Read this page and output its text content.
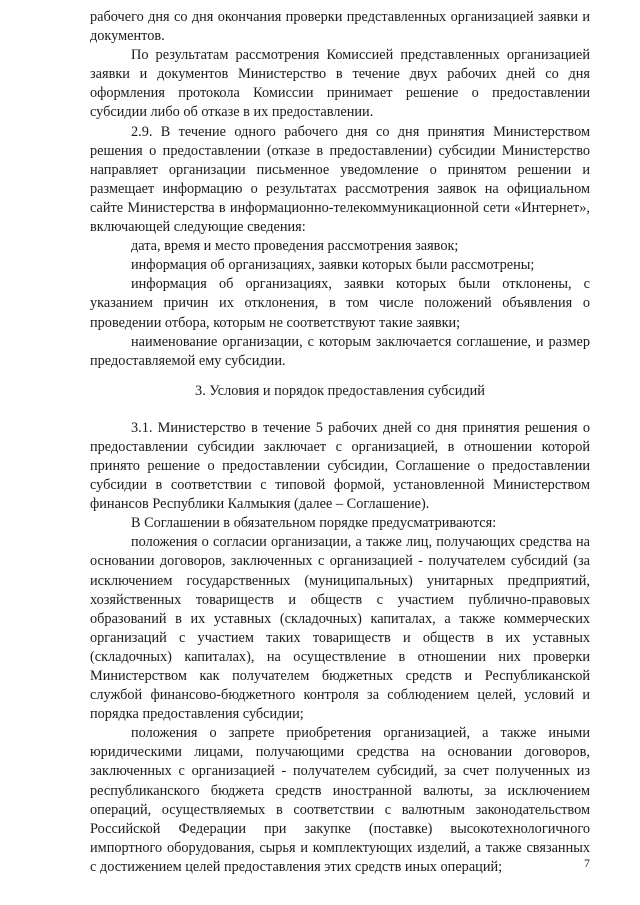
рабочего дня со дня окончания проверки представленных организацией заявки и документов.

По результатам рассмотрения Комиссией представленных организацией заявки и документов Министерство в течение двух рабочих дней со дня оформления протокола Комиссии принимает решение о предоставлении субсидии либо об отказе в их предоставлении.

2.9. В течение одного рабочего дня со дня принятия Министерством решения о предоставлении (отказе в предоставлении) субсидии Министерство направляет организации письменное уведомление о принятом решении и размещает информацию о результатах рассмотрения заявок на официальном сайте Министерства в информационно-телекоммуникационной сети «Интернет», включающей следующие сведения:

дата, время и место проведения рассмотрения заявок;

информация об организациях, заявки которых были рассмотрены;

информация об организациях, заявки которых были отклонены, с указанием причин их отклонения, в том числе положений объявления о проведении отбора, которым не соответствуют такие заявки;

наименование организации, с которым заключается соглашение, и размер предоставляемой ему субсидии.

3. Условия и порядок предоставления субсидий

3.1. Министерство в течение 5 рабочих дней со дня принятия решения о предоставлении субсидии заключает с организацией, в отношении которой принято решение о предоставлении субсидии, Соглашение о предоставлении субсидии в соответствии с типовой формой, установленной Министерством финансов Республики Калмыкия (далее – Соглашение).

В Соглашении в обязательном порядке предусматриваются:

положения о согласии организации, а также лиц, получающих средства на основании договоров, заключенных с организацией - получателем субсидий (за исключением государственных (муниципальных) унитарных предприятий, хозяйственных товариществ и обществ с участием публично-правовых образований в их уставных (складочных) капиталах, а также коммерческих организаций с участием таких товариществ и обществ в их уставных (складочных) капиталах), на осуществление в отношении них проверки Министерством как получателем бюджетных средств и Республиканской службой финансово-бюджетного контроля за соблюдением целей, условий и порядка предоставления субсидии;

положения о запрете приобретения организацией, а также иными юридическими лицами, получающими средства на основании договоров, заключенных с организацией - получателем субсидий, за счет полученных из республиканского бюджета средств иностранной валюты, за исключением операций, осуществляемых в соответствии с валютным законодательством Российской Федерации при закупке (поставке) высокотехнологичного импортного оборудования, сырья и комплектующих изделий, а также связанных с достижением целей предоставления этих средств иных операций;	7
